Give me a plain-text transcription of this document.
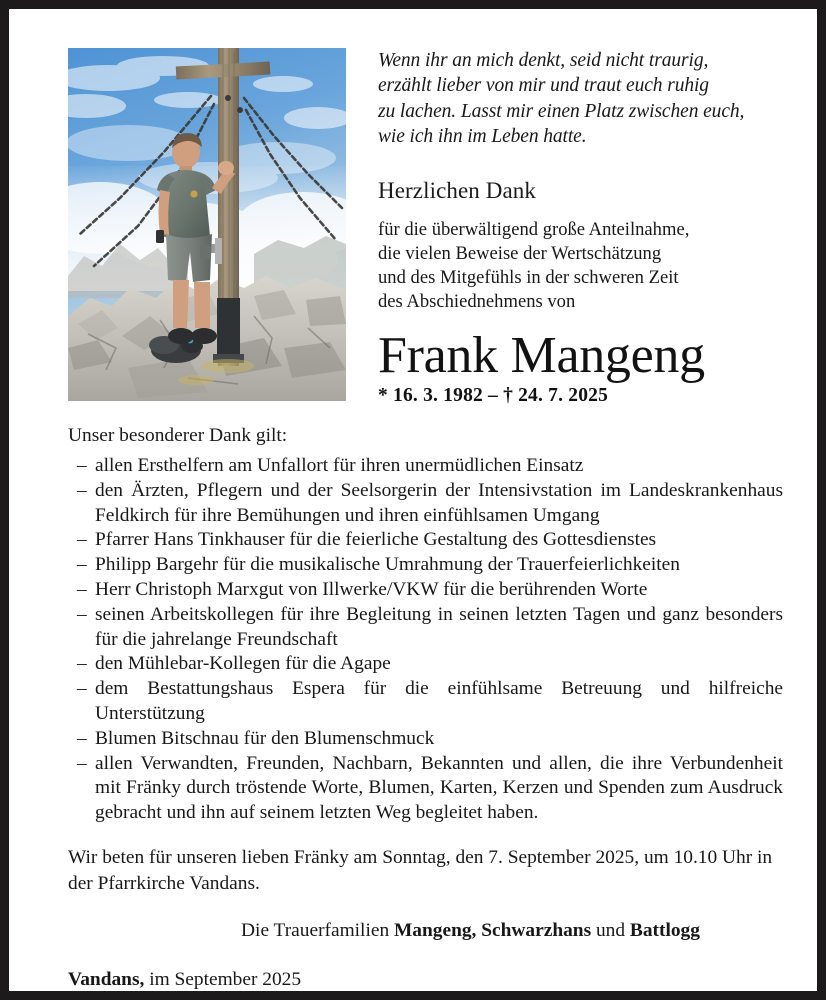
Wenn ihr an mich denkt, seid nicht traurig,
erzählt lieber von mir und traut euch ruhig
zu lachen. Lasst mir einen Platz zwischen euch,
wie ich ihn im Leben hatte.
Herzlichen Dank
für die überwältigend große Anteilnahme,
die vielen Beweise der Wertschätzung
und des Mitgefühls in der schweren Zeit
des Abschiednehmens von
Frank Mangeng
* 16. 3. 1982 – † 24. 7. 2025
Unser besonderer Dank gilt:
– allen Ersthelfern am Unfallort für ihren unermüdlichen Einsatz
– den Ärzten, Pflegern und der Seelsorgerin der Intensivstation im Landeskrankenhaus Feldkirch für ihre Bemühungen und ihren einfühlsamen Umgang
– Pfarrer Hans Tinkhauser für die feierliche Gestaltung des Gottesdienstes
– Philipp Bargehr für die musikalische Umrahmung der Trauerfeierlichkeiten
– Herr Christoph Marxgut von Illwerke/VKW für die berührenden Worte
– seinen Arbeitskollegen für ihre Begleitung in seinen letzten Tagen und ganz besonders für die jahrelange Freundschaft
– den Mühlebar-Kollegen für die Agape
– dem Bestattungshaus Espera für die einfühlsame Betreuung und hilfreiche Unterstützung
– Blumen Bitschnau für den Blumenschmuck
– allen Verwandten, Freunden, Nachbarn, Bekannten und allen, die ihre Verbundenheit mit Fränky durch tröstende Worte, Blumen, Karten, Kerzen und Spenden zum Ausdruck gebracht und ihn auf seinem letzten Weg begleitet haben.
Wir beten für unseren lieben Fränky am Sonntag, den 7. September 2025, um 10.10 Uhr in der Pfarrkirche Vandans.
Die Trauerfamilien Mangeng, Schwarzhans und Battlogg
Vandans, im September 2025
